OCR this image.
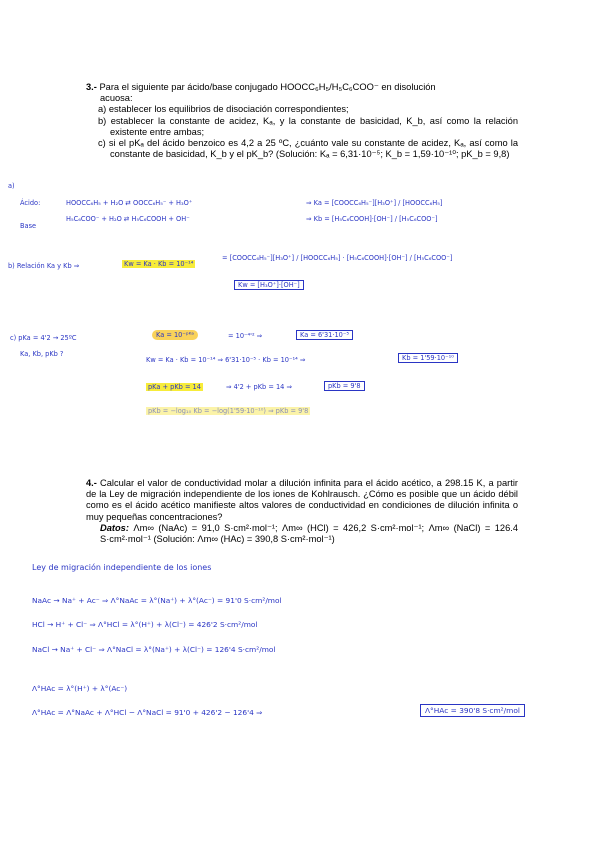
3.- Para el siguiente par ácido/base conjugado HOOCC₆H₅/H₅C₆COO⁻ en disolución
acuosa:
a) establecer los equilibrios de disociación correspondientes;
b) establecer la constante de acidez, Kₐ, y la constante de basicidad, K_b, así como la relación existente entre ambas;
c) si el pKₐ del ácido benzoico es 4,2 a 25 ºC, ¿cuánto vale su constante de acidez, Kₐ, así como la constante de basicidad, K_b y el pK_b? (Solución: Kₐ = 6,31·10⁻⁵; K_b = 1,59·10⁻¹⁰; pK_b = 9,8)
a)
Ácido:	HOOCC₆H₅ + H₂O ⇄ OOCC₆H₅⁻ + H₃O⁺	⇒ Ka = [COOCC₆H₅⁻][H₃O⁺] / [HOOCC₆H₅]
Base
H₅C₆COO⁻ + H₂O ⇄ H₅C₆COOH + OH⁻	⇒ Kb = [H₅C₆COOH]·[OH⁻] / [H₅C₆COO⁻]
b) Relación Ka y Kb ⇒	Kw = Ka · Kb = 10⁻¹⁴
= [COOCC₆H₅⁻][H₃O⁺] / [HOOCC₆H₅] · [H₅C₆COOH]·[OH⁻] / [H₅C₆COO⁻]
Kw = [H₃O⁺]·[OH⁻]
c) pKa = 4'2 → 25ºC
Ka, Kb, pKb ?
Ka = 10⁻ᵖᴷᵃ	= 10⁻⁴'² ⇒	Ka = 6'31·10⁻⁵
Kw = Ka · Kb = 10⁻¹⁴ ⇒ 6'31·10⁻⁵ · Kb = 10⁻¹⁴ ⇒	Kb = 1'59·10⁻¹⁰
pKa + pKb = 14	⇒ 4'2 + pKb = 14 ⇒	pKb = 9'8
pKb = −log₁₀ Kb = −log(1'59·10⁻¹⁰) ⇒ pKb = 9'8
4.- Calcular el valor de conductividad molar a dilución infinita para el ácido acético, a 298.15 K, a partir de la Ley de migración independiente de los iones de Kohlrausch. ¿Cómo es posible que un ácido débil como es el ácido acético manifieste altos valores de conductividad en condiciones de dilución infinita o muy pequeñas concentraciones?
Datos: Λm∞ (NaAc) = 91,0 S·cm²·mol⁻¹; Λm∞ (HCl) = 426,2 S·cm²·mol⁻¹; Λm∞ (NaCl) = 126.4 S·cm²·mol⁻¹ (Solución: Λm∞ (HAc) = 390,8 S·cm²·mol⁻¹)
Ley de migración independiente de los iones
NaAc → Na⁺ + Ac⁻ ⇒ Λ°NaAc = λ°(Na⁺) + λ°(Ac⁻) = 91'0 S·cm²/mol
HCl → H⁺ + Cl⁻ ⇒ Λ°HCl = λ°(H⁺) + λ(Cl⁻) = 426'2 S·cm²/mol
NaCl → Na⁺ + Cl⁻ ⇒ Λ°NaCl = λ°(Na⁺) + λ(Cl⁻) = 126'4 S·cm²/mol
Λ°HAc = λ°(H⁺) + λ°(Ac⁻)
Λ°HAc = Λ°NaAc + Λ°HCl − Λ°NaCl = 91'0 + 426'2 − 126'4 ⇒	Λ°HAc = 390'8 S·cm²/mol
